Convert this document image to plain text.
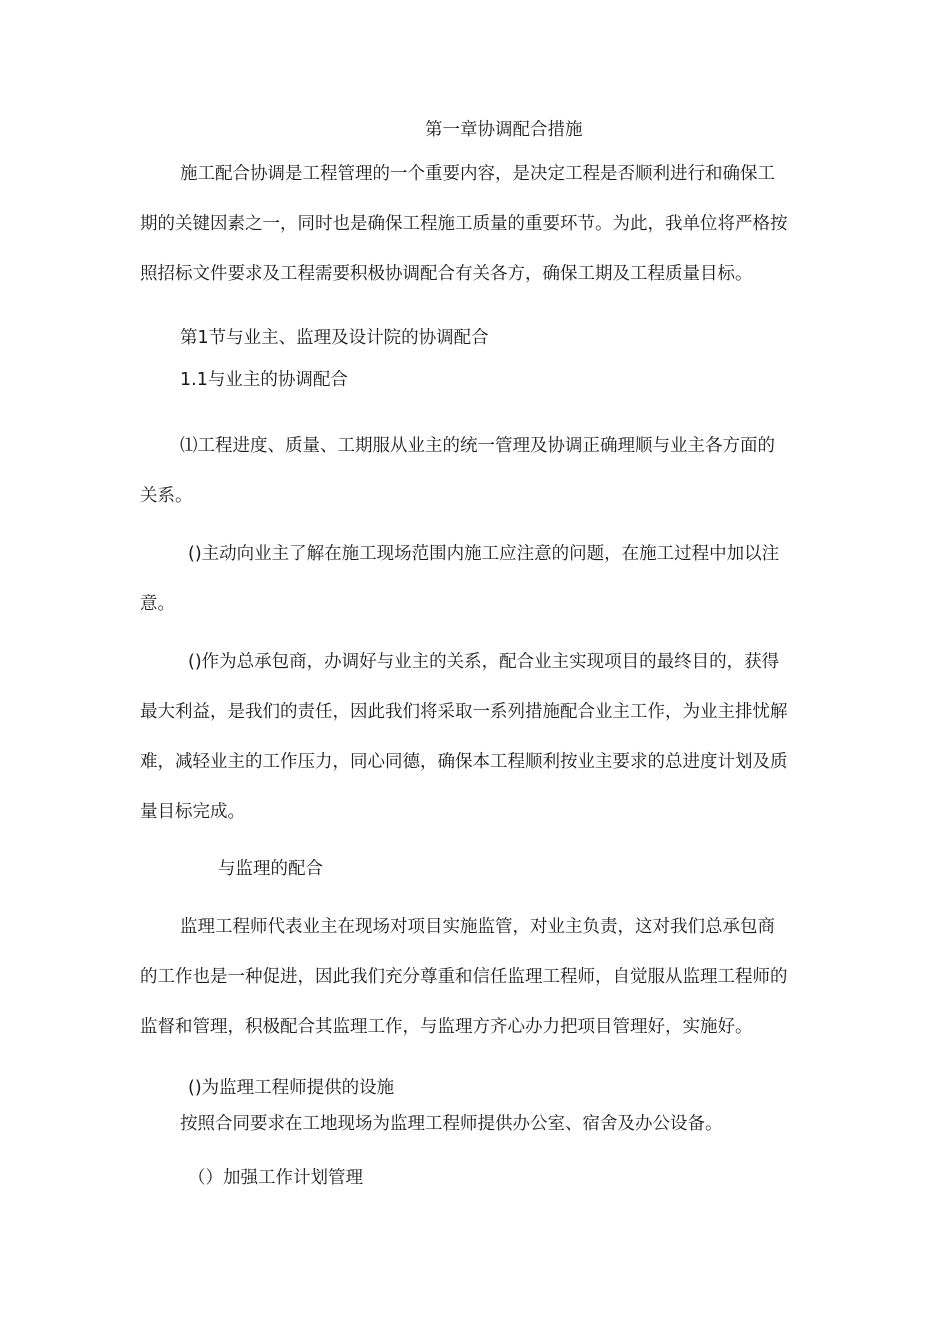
第一章协调配合措施

施工配合协调是工程管理的一个重要内容，是决定工程是否顺利进行和确保工

期的关键因素之一，同时也是确保工程施工质量的重要环节。为此，我单位将严格按

照招标文件要求及工程需要积极协调配合有关各方，确保工期及工程质量目标。

第1节与业主、监理及设计院的协调配合

1.1与业主的协调配合

⑴工程进度、质量、工期服从业主的统一管理及协调正确理顺与业主各方面的

关系。

()主动向业主了解在施工现场范围内施工应注意的问题，在施工过程中加以注

意。

()作为总承包商，办调好与业主的关系，配合业主实现项目的最终目的，获得

最大利益，是我们的责任，因此我们将采取一系列措施配合业主工作，为业主排忧解

难，减轻业主的工作压力，同心同德，确保本工程顺利按业主要求的总进度计划及质

量目标完成。

与监理的配合

监理工程师代表业主在现场对项目实施监管，对业主负责，这对我们总承包商

的工作也是一种促进，因此我们充分尊重和信任监理工程师，自觉服从监理工程师的

监督和管理，积极配合其监理工作，与监理方齐心办力把项目管理好，实施好。

()为监理工程师提供的设施

按照合同要求在工地现场为监理工程师提供办公室、宿舍及办公设备。

（）加强工作计划管理
